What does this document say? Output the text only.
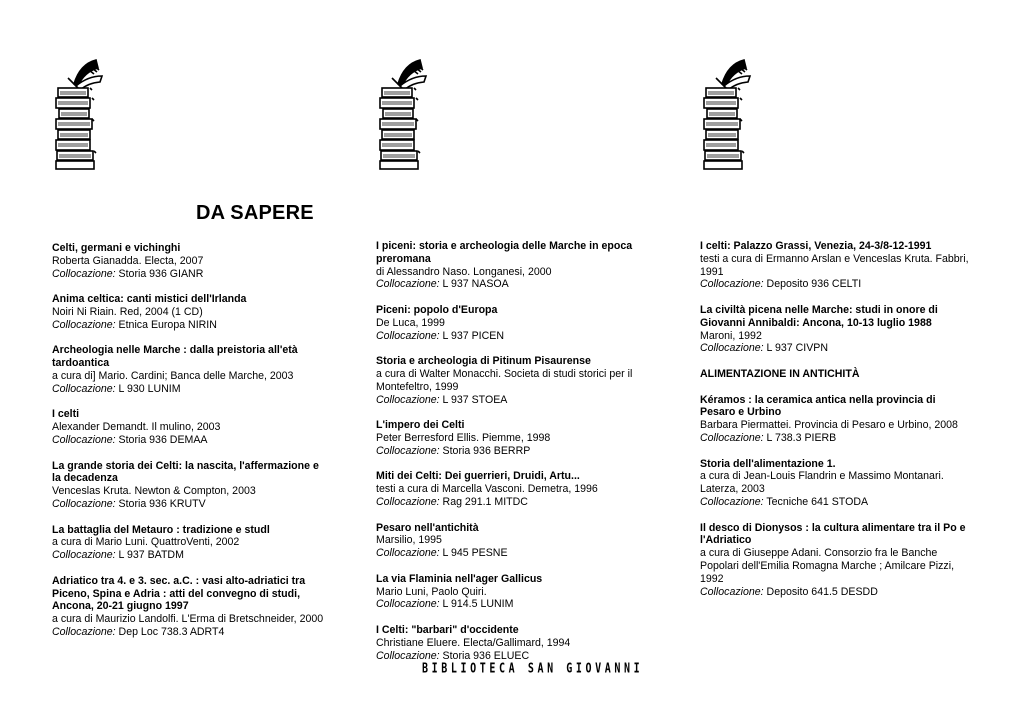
DA SAPERE
Celti, germani e vichinghi
Roberta Gianadda. Electa, 2007
Collocazione: Storia 936 GIANR
Anima celtica: canti mistici dell'Irlanda
Noiri Ni Riain. Red, 2004 (1 CD)
Collocazione: Etnica Europa NIRIN
Archeologia nelle Marche : dalla preistoria all'età tardoantica
a cura di] Mario. Cardini; Banca delle Marche, 2003
Collocazione: L 930 LUNIM
I celti
Alexander Demandt. Il mulino, 2003
Collocazione: Storia 936 DEMAA
La grande storia dei Celti: la nascita, l'affermazione e la decadenza
Venceslas Kruta. Newton & Compton, 2003
Collocazione: Storia 936 KRUTV
La battaglia del Metauro : tradizione e studl
a cura di Mario Luni. QuattroVenti, 2002
Collocazione: L 937 BATDM
Adriatico tra 4. e 3. sec. a.C. : vasi alto-adriatici tra Piceno, Spina e Adria : atti del convegno di studi, Ancona, 20-21 giugno 1997
a cura di Maurizio Landolfi. L'Erma di Bretschneider, 2000
Collocazione: Dep Loc 738.3 ADRT4
I piceni: storia e archeologia delle Marche in epoca preromana
di Alessandro Naso. Longanesi, 2000
Collocazione: L 937 NASOA
Piceni: popolo d'Europa
De Luca, 1999
Collocazione: L 937 PICEN
Storia e archeologia di Pitinum Pisaurense
a cura di Walter Monacchi. Societa di studi storici per il Montefeltro, 1999
Collocazione: L 937 STOEA
L'impero dei Celti
Peter Berresford Ellis. Piemme, 1998
Collocazione: Storia 936 BERRP
Miti dei Celti: Dei guerrieri, Druidi, Artu...
testi a cura di Marcella Vasconi. Demetra, 1996
Collocazione: Rag 291.1 MITDC
Pesaro nell'antichità
Marsilio, 1995
Collocazione: L 945 PESNE
La via Flaminia nell'ager Gallicus
Mario Luni, Paolo Quiri.
Collocazione: L 914.5 LUNIM
I Celti: "barbari" d'occidente
Christiane Eluere. Electa/Gallimard, 1994
Collocazione: Storia 936 ELUEC
I celti: Palazzo Grassi, Venezia, 24-3/8-12-1991
testi a cura di Ermanno Arslan e Venceslas Kruta. Fabbri, 1991
Collocazione: Deposito 936 CELTI
La civiltà picena nelle Marche: studi in onore di Giovanni Annibaldi: Ancona, 10-13 luglio 1988
Maroni, 1992
Collocazione: L 937 CIVPN
ALIMENTAZIONE IN ANTICHITÀ
Kéramos : la ceramica antica nella provincia di Pesaro e Urbino
Barbara Piermattei. Provincia di Pesaro e Urbino, 2008
Collocazione: L 738.3 PIERB
Storia dell'alimentazione 1.
a cura di Jean-Louis Flandrin e Massimo Montanari. Laterza, 2003
Collocazione: Tecniche 641 STODA
Il desco di Dionysos : la cultura alimentare tra il Po e l'Adriatico
a cura di Giuseppe Adani. Consorzio fra le Banche Popolari dell'Emilia Romagna Marche ; Amilcare Pizzi, 1992
Collocazione: Deposito 641.5 DESDD
BIBLIOTECA SAN GIOVANNI
